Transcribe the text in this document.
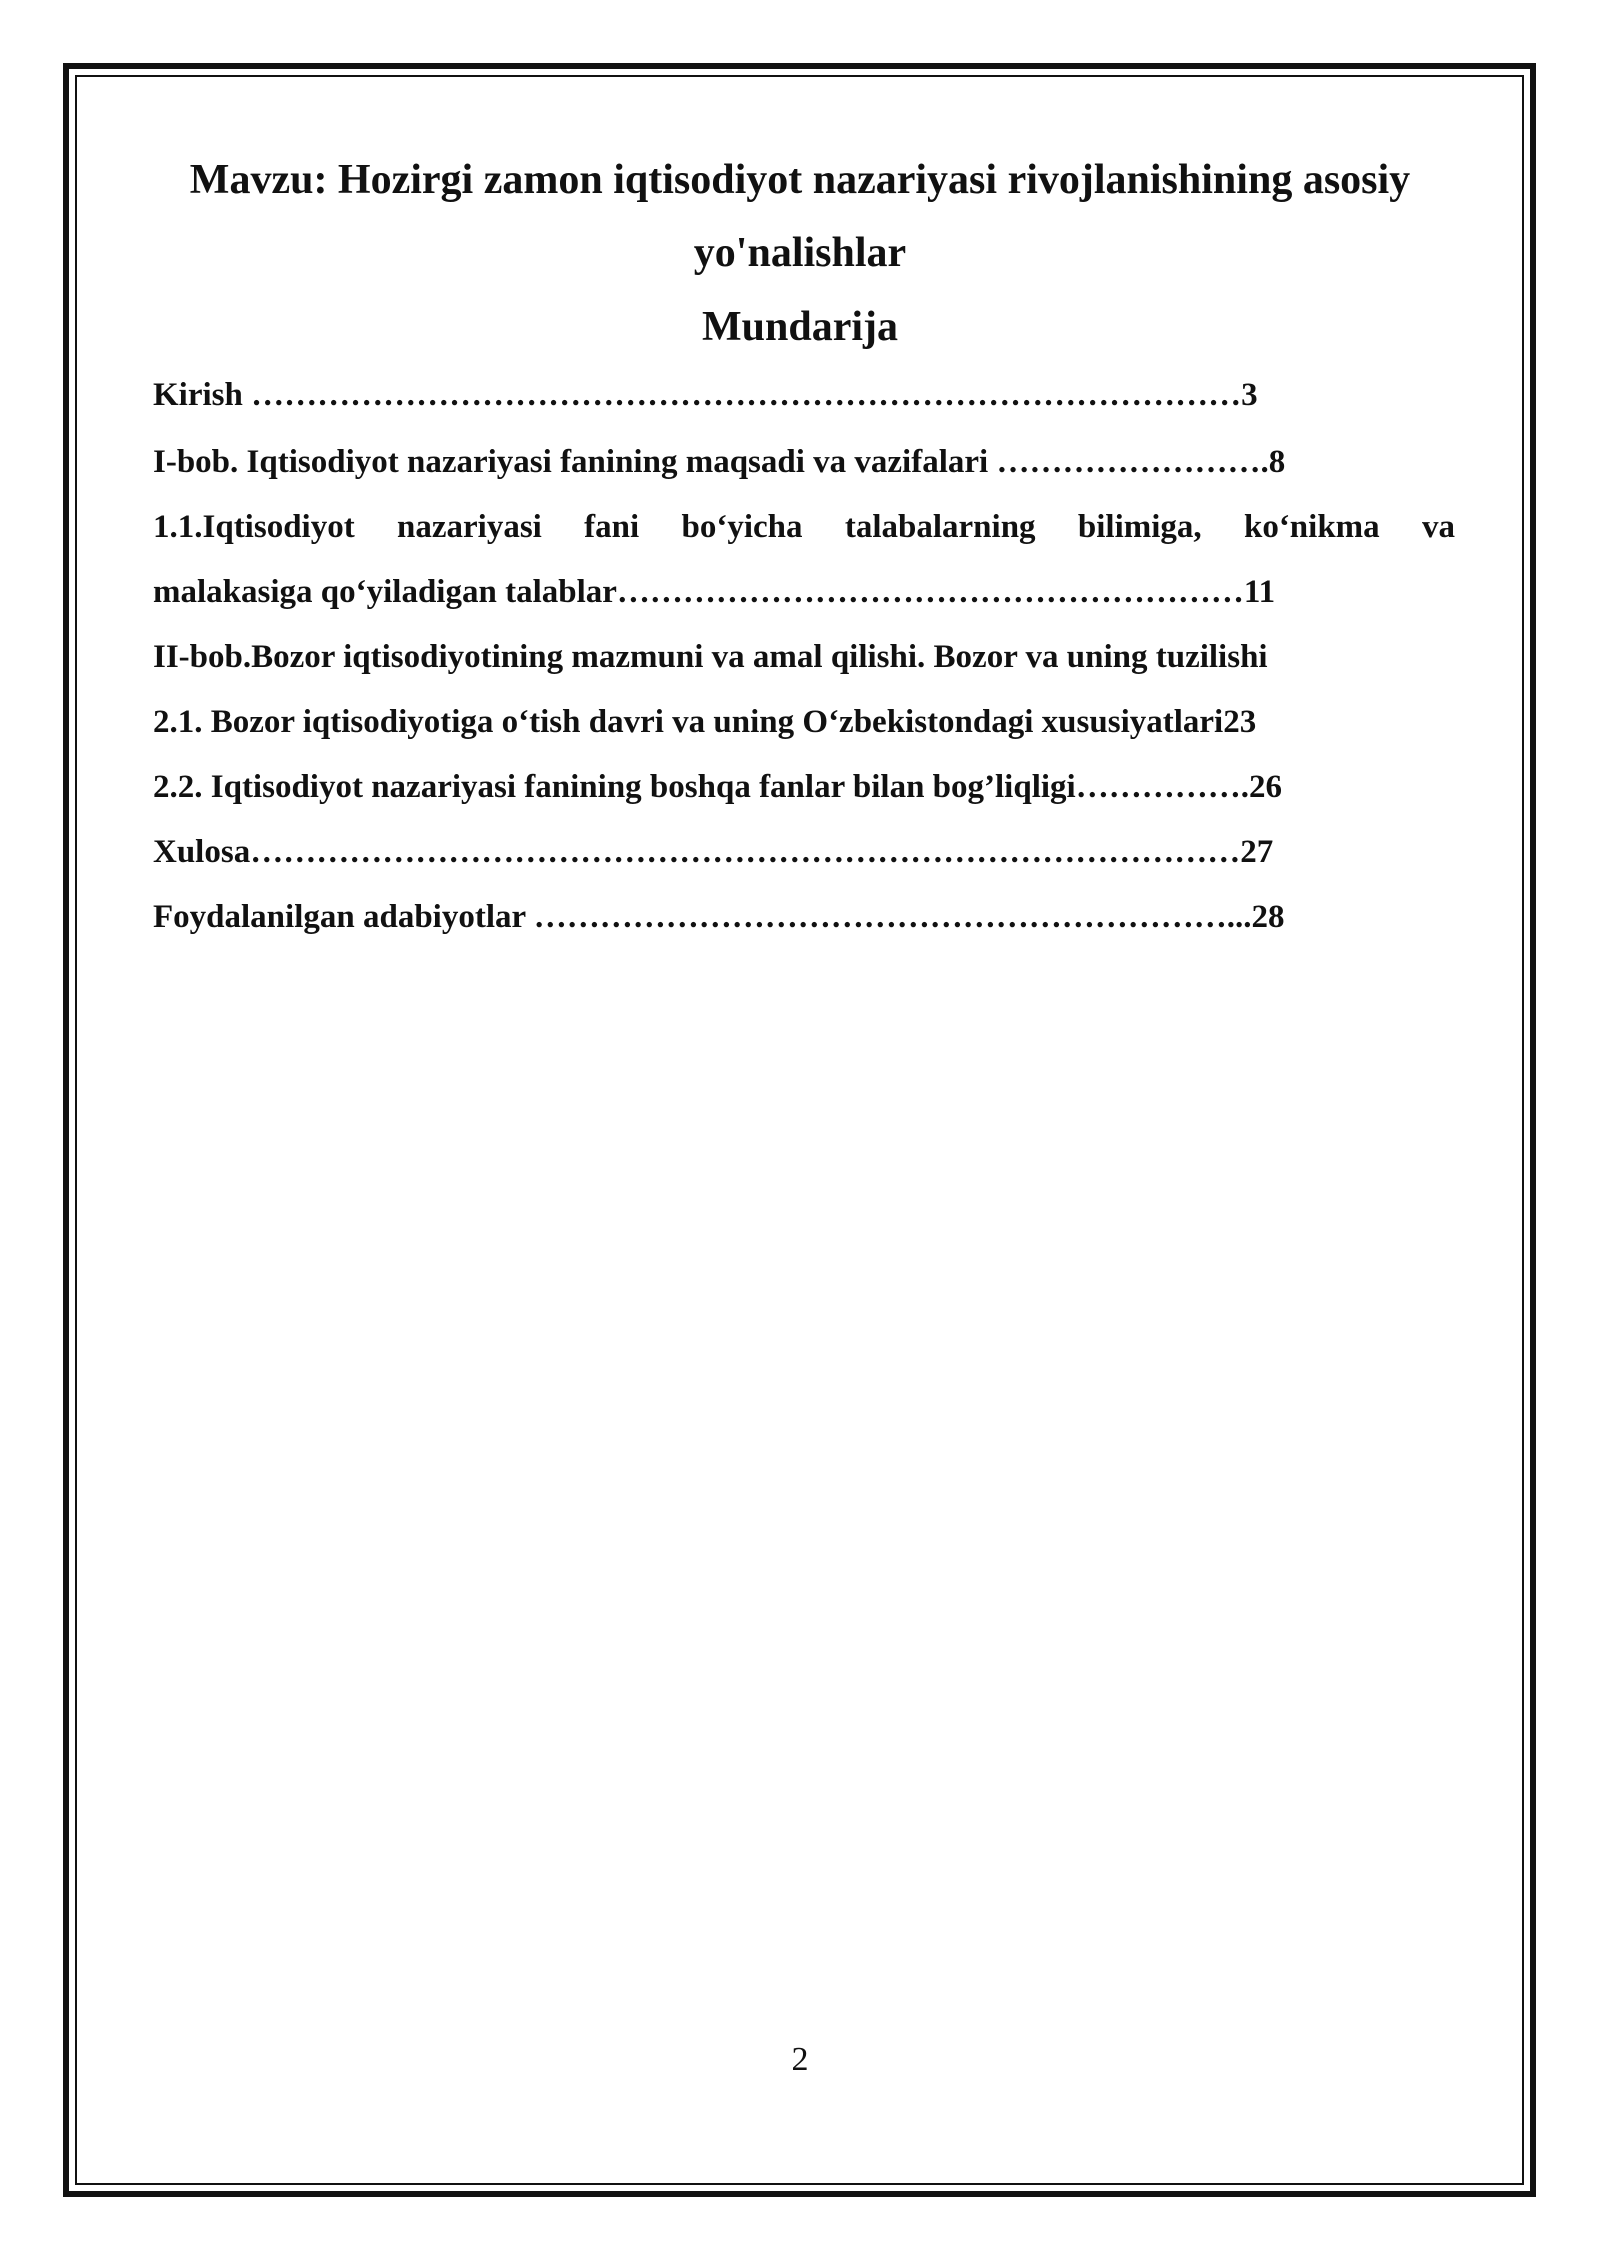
Mavzu: Hozirgi zamon iqtisodiyot nazariyasi rivojlanishining asosiy
yo'nalishlar
Mundarija
Kirish ………………………………………………………………………………3
I-bob. Iqtisodiyot nazariyasi fanining maqsadi va vazifalari …………………….8
1.1.Iqtisodiyot nazariyasi fani bo‘yicha talabalarning bilimiga, ko‘nikma va
malakasiga qo‘yiladigan talablar…………………………………………………11
II-bob.Bozor iqtisodiyotining mazmuni va amal qilishi. Bozor va uning tuzilishi
2.1. Bozor iqtisodiyotiga o‘tish davri va uning O‘zbekistondagi xususiyatlari23
2.2. Iqtisodiyot nazariyasi fanining boshqa fanlar bilan bog’liqligi…………….26
Xulosa………………………………………………………………………………27
Foydalanilgan adabiyotlar ………………………………………………………...28
2
